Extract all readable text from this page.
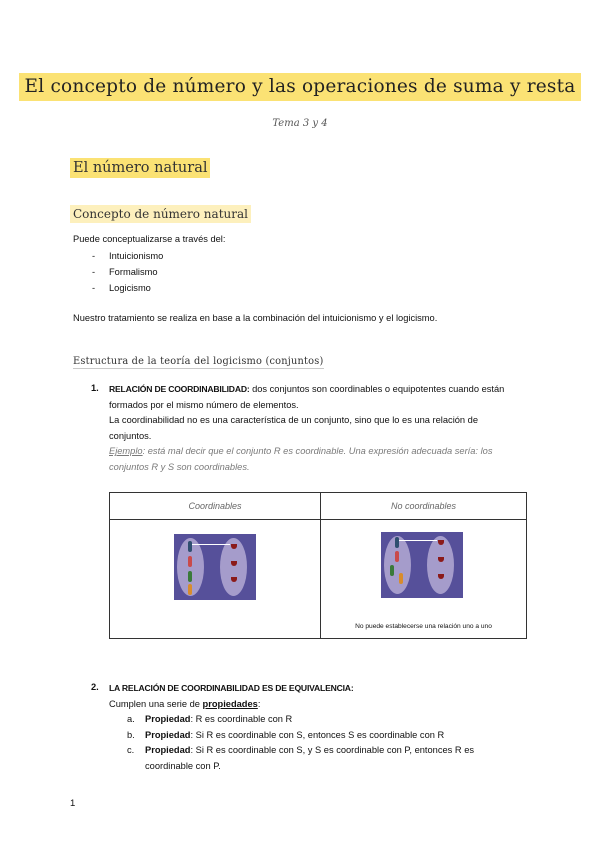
El concepto de número y las operaciones de suma y resta
Tema 3 y 4
El número natural
Concepto de número natural
Puede conceptualizarse a través del:
- Intuicionismo
- Formalismo
- Logicismo
Nuestro tratamiento se realiza en base a la combinación del intuicionismo y el logicismo.
Estructura de la teoría del logicismo (conjuntos)
1. RELACIÓN DE COORDINABILIDAD: dos conjuntos son coordinables o equipotentes cuando están
formados por el mismo número de elementos.
La coordinabilidad no es una característica de un conjunto, sino que lo es una relación de
conjuntos.
Ejemplo: está mal decir que el conjunto R es coordinable. Una expresión adecuada sería: los
conjuntos R y S son coordinables.
Coordinables	No coordinables

	No puede establecerse una relación uno a uno
2. LA RELACIÓN DE COORDINABILIDAD ES DE EQUIVALENCIA:
Cumplen una serie de propiedades:
a. Propiedad: R es coordinable con R
b. Propiedad: Si R es coordinable con S, entonces S es coordinable con R
c. Propiedad: Si R es coordinable con S, y S es coordinable con P, entonces R es
coordinable con P.
1
